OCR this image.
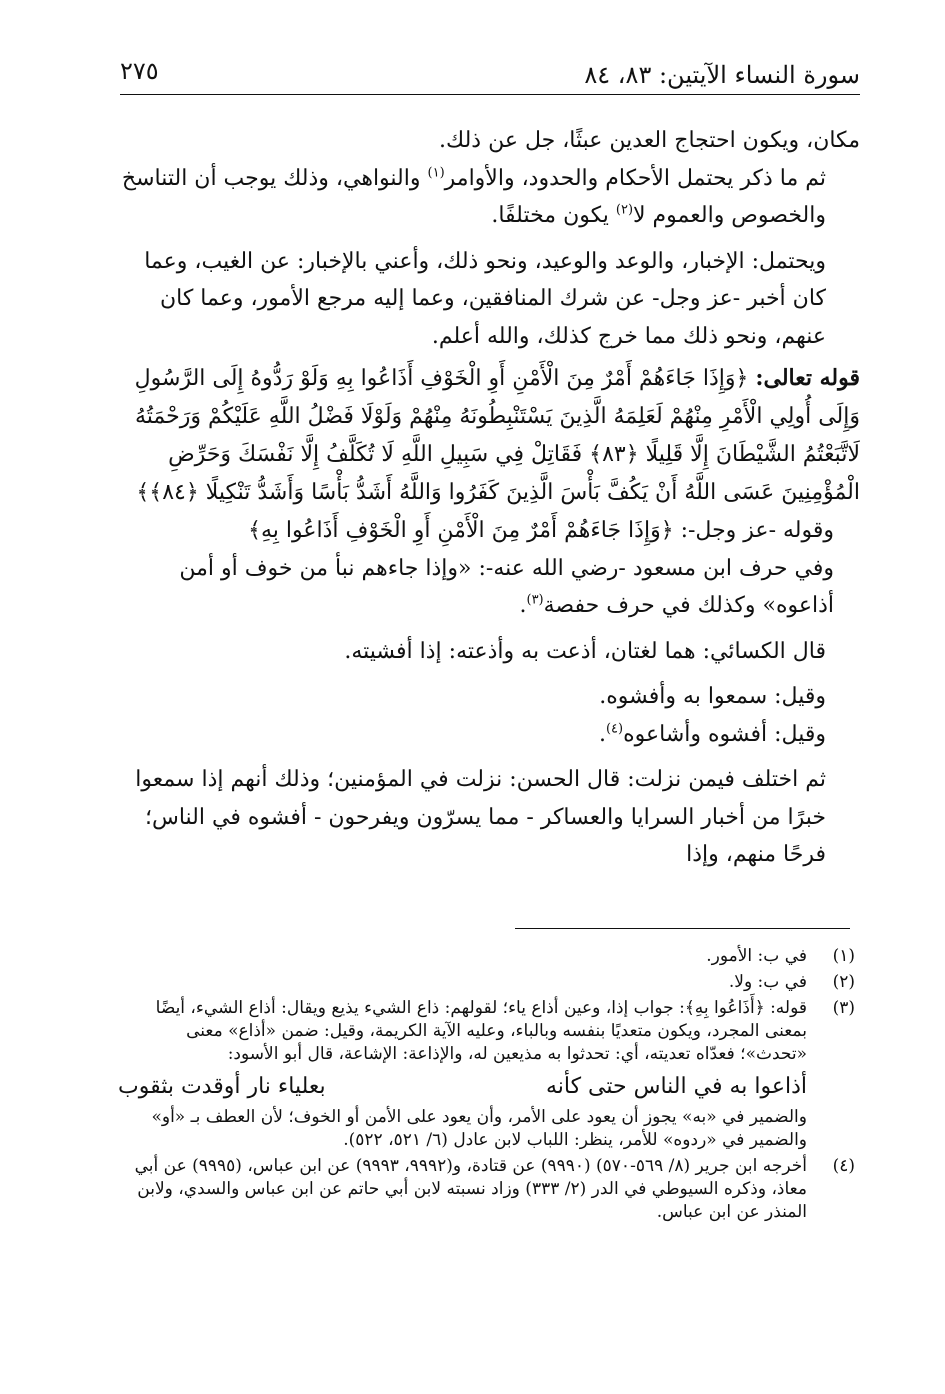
سورة النساء الآيتين: ٨٣، ٨٤
٢٧٥

مكان، ويكون احتجاج العدين عبثًا، جل عن ذلك.

ثم ما ذكر يحتمل الأحكام والحدود، والأوامر$^{(١)}$ والنواهي، وذلك يوجب أن التناسخ والخصوص والعموم لا$^{(٢)}$ يكون مختلفًا.

ويحتمل: الإخبار، والوعد والوعيد، ونحو ذلك، وأعني بالإخبار: عن الغيب، وعما كان أخبر -عز وجل- عن شرك المنافقين، وعما إليه مرجع الأمور، وعما كان عنهم، ونحو ذلك مما خرج كذلك، والله أعلم.

قوله تعالى: ﴿وَإِذَا جَاءَهُمْ أَمْرٌ مِنَ الْأَمْنِ أَوِ الْخَوْفِ أَذَاعُوا بِهِ وَلَوْ رَدُّوهُ إِلَى الرَّسُولِ وَإِلَى أُولِي الْأَمْرِ مِنْهُمْ لَعَلِمَهُ الَّذِينَ يَسْتَنْبِطُونَهُ مِنْهُمْ وَلَوْلَا فَضْلُ اللَّهِ عَلَيْكُمْ وَرَحْمَتُهُ لَاتَّبَعْتُمُ الشَّيْطَانَ إِلَّا قَلِيلًا ﴿٨٣﴾ فَقَاتِلْ فِي سَبِيلِ اللَّهِ لَا تُكَلَّفُ إِلَّا نَفْسَكَ وَحَرِّضِ الْمُؤْمِنِينَ عَسَى اللَّهُ أَنْ يَكُفَّ بَأْسَ الَّذِينَ كَفَرُوا وَاللَّهُ أَشَدُّ بَأْسًا وَأَشَدُّ تَنْكِيلًا ﴿٨٤﴾﴾

وقوله -عز وجل-: ﴿وَإِذَا جَاءَهُمْ أَمْرٌ مِنَ الْأَمْنِ أَوِ الْخَوْفِ أَذَاعُوا بِهِ﴾

وفي حرف ابن مسعود -رضي الله عنه-: «وإذا جاءهم نبأ من خوف أو أمن أذاعوه» وكذلك في حرف حفصة$^{(٣)}$.

قال الكسائي: هما لغتان، أذعت به وأذعته: إذا أفشيته.

وقيل: سمعوا به وأفشوه.

وقيل: أفشوه وأشاعوه$^{(٤)}$.

ثم اختلف فيمن نزلت: قال الحسن: نزلت في المؤمنين؛ وذلك أنهم إذا سمعوا خبرًا من أخبار السرايا والعساكر - مما يسرّون ويفرحون - أفشوه في الناس؛ فرحًا منهم، وإذا

(١)

في ب: الأمور.

(٢)

في ب: ولا.

(٣)

قوله: ﴿أَذَاعُوا بِهِ﴾: جواب إذا، وعين أذاع ياء؛ لقولهم: ذاع الشيء يذيع ويقال: أذاع الشيء، أيضًا بمعنى المجرد، ويكون متعديًا بنفسه وبالباء، وعليه الآية الكريمة، وقيل: ضمن «أذاع» معنى «تحدث»؛ فعدّاه تعديته، أي: تحدثوا به مذيعين له، والإذاعة: الإشاعة، قال أبو الأسود:

أذاعوا به في الناس حتى كأنه
بعلياء نار أوقدت بثقوب

والضمير في «به» يجوز أن يعود على الأمر، وأن يعود على الأمن أو الخوف؛ لأن العطف بـ «أو» والضمير في «ردوه» للأمر، ينظر: اللباب لابن عادل (٦/ ٥٢١، ٥٢٢).

(٤)

أخرجه ابن جرير (٨/ ٥٦٩-٥٧٠) (٩٩٩٠) عن قتادة، و(٩٩٩٢، ٩٩٩٣) عن ابن عباس، (٩٩٩٥) عن أبي معاذ، وذكره السيوطي في الدر (٢/ ٣٣٣) وزاد نسبته لابن أبي حاتم عن ابن عباس والسدي، ولابن المنذر عن ابن عباس.
